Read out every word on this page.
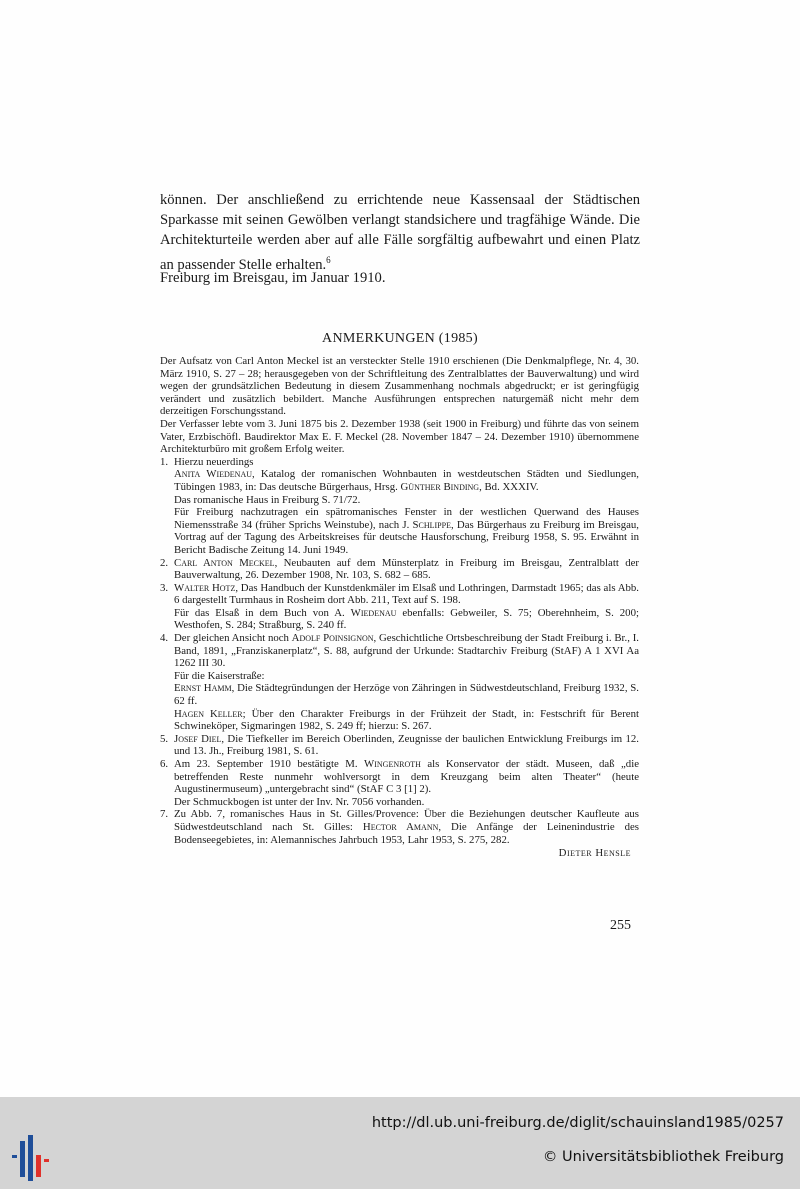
können. Der anschließend zu errichtende neue Kassensaal der Städtischen Sparkasse mit seinen Gewölben verlangt standsichere und tragfähige Wände. Die Architekturteile werden aber auf alle Fälle sorgfältig aufbewahrt und einen Platz an passender Stelle erhalten.$^6$

Freiburg im Breisgau, im Januar 1910.

ANMERKUNGEN (1985)

Der Aufsatz von Carl Anton Meckel ist an versteckter Stelle 1910 erschienen (Die Denkmalpflege, Nr. 4, 30. März 1910, S. 27 – 28; herausgegeben von der Schriftleitung des Zentralblattes der Bauverwaltung) und wird wegen der grundsätzlichen Bedeutung in diesem Zusammenhang nochmals abgedruckt; er ist geringfügig verändert und zusätzlich bebildert. Manche Ausführungen entsprechen naturgemäß nicht mehr dem derzeitigen Forschungsstand.

Der Verfasser lebte vom 3. Juni 1875 bis 2. Dezember 1938 (seit 1900 in Freiburg) und führte das von seinem Vater, Erzbischöfl. Baudirektor Max E. F. Meckel (28. November 1847 – 24. Dezember 1910) übernommene Architekturbüro mit großem Erfolg weiter.

1. Hierzu neuerdings

Anita Wiedenau, Katalog der romanischen Wohnbauten in westdeutschen Städten und Siedlungen, Tübingen 1983, in: Das deutsche Bürgerhaus, Hrsg. Günther Binding, Bd. XXXIV.

Das romanische Haus in Freiburg S. 71/72.

Für Freiburg nachzutragen ein spätromanisches Fenster in der westlichen Querwand des Hauses Niemensstraße 34 (früher Sprichs Weinstube), nach J. Schlippe, Das Bürgerhaus zu Freiburg im Breisgau, Vortrag auf der Tagung des Arbeitskreises für deutsche Hausforschung, Freiburg 1958, S. 95. Erwähnt in Bericht Badische Zeitung 14. Juni 1949.

2. Carl Anton Meckel, Neubauten auf dem Münsterplatz in Freiburg im Breisgau, Zentralblatt der Bauverwaltung, 26. Dezember 1908, Nr. 103, S. 682 – 685.

3. Walter Hotz, Das Handbuch der Kunstdenkmäler im Elsaß und Lothringen, Darmstadt 1965; das als Abb. 6 dargestellt Turmhaus in Rosheim dort Abb. 211, Text auf S. 198.

Für das Elsaß in dem Buch von A. Wiedenau ebenfalls: Gebweiler, S. 75; Oberehnheim, S. 200; Westhofen, S. 284; Straßburg, S. 240 ff.

4. Der gleichen Ansicht noch Adolf Poinsignon, Geschichtliche Ortsbeschreibung der Stadt Freiburg i. Br., I. Band, 1891, „Franziskanerplatz“, S. 88, aufgrund der Urkunde: Stadtarchiv Freiburg (StAF) A 1 XVI Aa 1262 III 30.

Für die Kaiserstraße:

Ernst Hamm, Die Städtegründungen der Herzöge von Zähringen in Südwestdeutschland, Freiburg 1932, S. 62 ff.

Hagen Keller; Über den Charakter Freiburgs in der Frühzeit der Stadt, in: Festschrift für Berent Schwineköper, Sigmaringen 1982, S. 249 ff; hierzu: S. 267.

5. Josef Diel, Die Tiefkeller im Bereich Oberlinden, Zeugnisse der baulichen Entwicklung Freiburgs im 12. und 13. Jh., Freiburg 1981, S. 61.

6. Am 23. September 1910 bestätigte M. Wingenroth als Konservator der städt. Museen, daß „die betreffenden Reste nunmehr wohlversorgt in dem Kreuzgang beim alten Theater“ (heute Augustinermuseum) „untergebracht sind“ (StAF C 3 [1] 2).

Der Schmuckbogen ist unter der Inv. Nr. 7056 vorhanden.

7. Zu Abb. 7, romanisches Haus in St. Gilles/Provence: Über die Beziehungen deutscher Kaufleute aus Südwestdeutschland nach St. Gilles: Hector Amann, Die Anfänge der Leinenindustrie des Bodenseegebietes, in: Alemannisches Jahrbuch 1953, Lahr 1953, S. 275, 282.

Dieter Hensle

255

http://dl.ub.uni-freiburg.de/diglit/schauinsland1985/0257
© Universitätsbibliothek Freiburg
